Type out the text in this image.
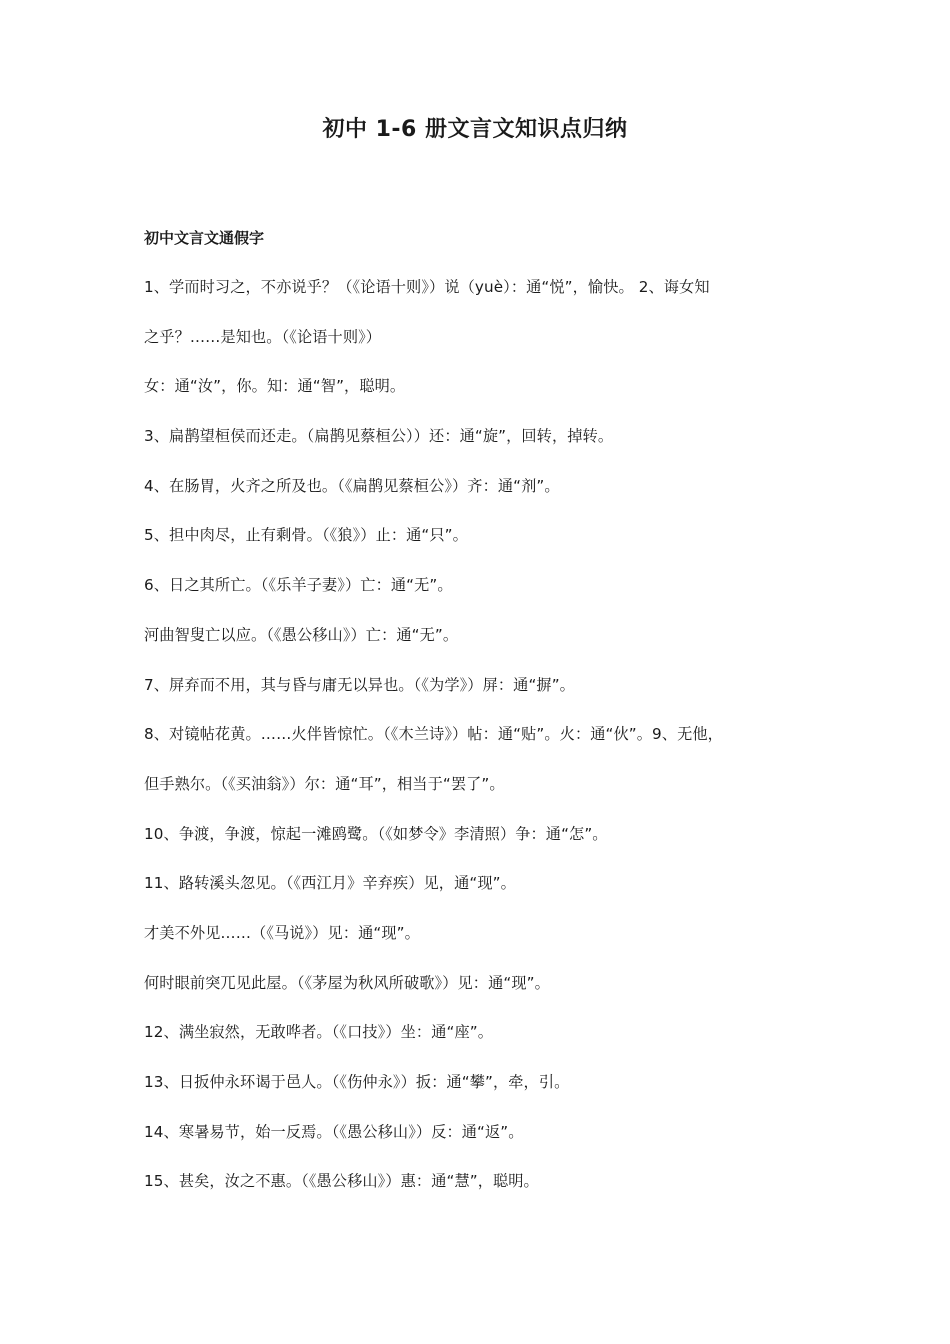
初中 1-6 册文言文知识点归纳
初中文言文通假字
1、学而时习之，不亦说乎？（《论语十则》）说（yuè）：通“悦”，愉快。 2、诲女知
之乎？……是知也。（《论语十则》）
女：通“汝”，你。知：通“智”，聪明。
3、扁鹊望桓侯而还走。（扁鹊见蔡桓公））还：通“旋”，回转，掉转。
4、在肠胃，火齐之所及也。（《扁鹊见蔡桓公》）齐：通“剂”。
5、担中肉尽，止有剩骨。（《狼》）止：通“只”。
6、日之其所亡。（《乐羊子妻》）亡：通“无”。
河曲智叟亡以应。（《愚公移山》）亡：通“无”。
7、屏弃而不用，其与昏与庸无以异也。（《为学》）屏：通“摒”。
8、对镜帖花黄。……火伴皆惊忙。（《木兰诗》）帖：通“贴”。火：通“伙”。9、无他，
但手熟尔。（《买油翁》）尔：通“耳”，相当于“罢了”。
10、争渡，争渡，惊起一滩鸥鹭。（《如梦令》李清照）争：通“怎”。
11、路转溪头忽见。（《西江月》辛弃疾）见，通“现”。
才美不外见……（《马说》）见：通“现”。
何时眼前突兀见此屋。（《茅屋为秋风所破歌》）见：通“现”。
12、满坐寂然，无敢哗者。（《口技》）坐：通“座”。
13、日扳仲永环谒于邑人。（《伤仲永》）扳：通“攀”，牵，引。
14、寒暑易节，始一反焉。（《愚公移山》）反：通“返”。
15、甚矣，汝之不惠。（《愚公移山》）惠：通“慧”，聪明。
